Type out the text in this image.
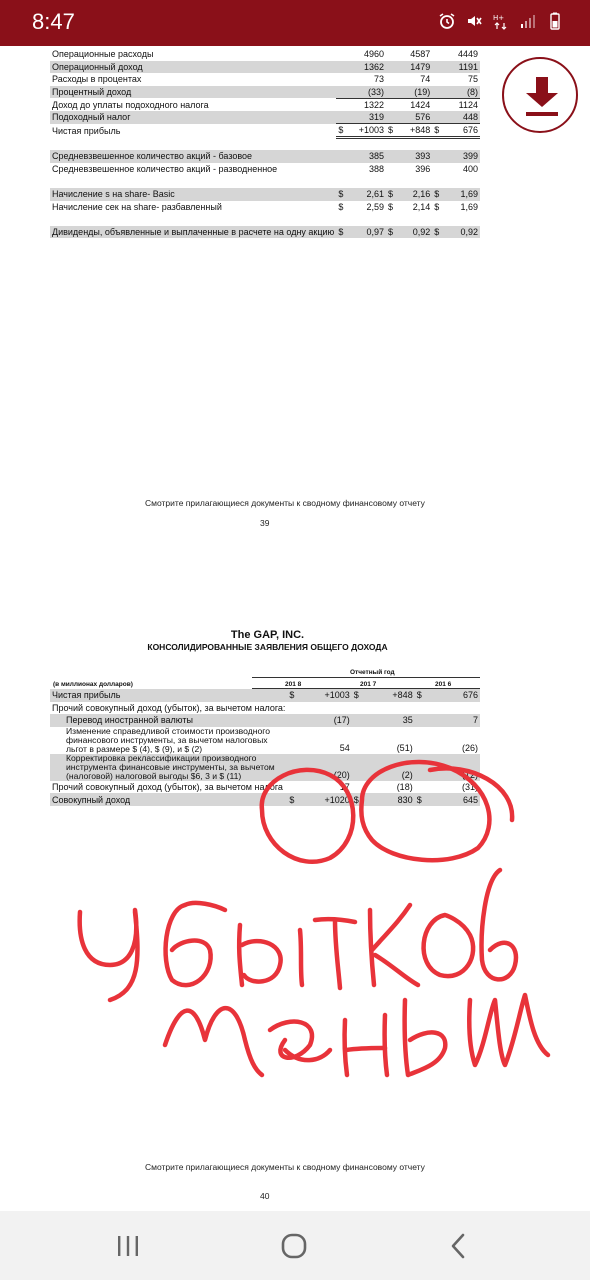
8:47	H+
Операционные расходы		4960		4587		4449
Операционный доход		1362		1479		1191
Расходы в процентах		73		74		75
Процентный доход		(33)		(19)		(8)
Доход до уплаты подоходного налога		1322		1424		1124
Подоходный налог		319		576		448
Чистая прибыль	$	+1003	$	+848	$	676

Средневзвешенное количество акций - базовое		385		393		399
Средневзвешенное количество акций - разводненное		388		396		400

Начисление s на share- Basic	$	2,61	$	2,16	$	1,69
Начисление сек на share- разбавленный	$	2,59	$	2,14	$	1,69

Дивиденды, объявленные и выплаченные в расчете на одну акцию	$	0,97	$	0,92	$	0,92
Смотрите прилагающиеся документы к сводному финансовому отчету
39
The GAP, INC.
КОНСОЛИДИРОВАННЫЕ ЗАЯВЛЕНИЯ ОБЩЕГО ДОХОДА
Отчетный год
(в миллионах долларов)	201 8	201 7	201 6
Чистая прибыль	$	+1003	$	+848	$	676
Прочий совокупный доход (убыток), за вычетом налога:						
Перевод иностранной валюты		(17)		35		7
Изменение справедливой стоимости производного финансового инструменты, за вычетом налоговых льгот в размере $ (4), $ (9), и $ (2)		54		(51)		(26)
Корректировка реклассификации производного инструмента финансовые инструменты, за вычетом (налоговой) налоговой выгоды $6, 3 и $ (11)		(20)		(2)		(12)
Прочий совокупный доход (убыток), за вычетом налога		17		(18)		(31)
Совокупный доход	$	+1020	$	830	$	645
Смотрите прилагающиеся документы к сводному финансовому отчету
40
